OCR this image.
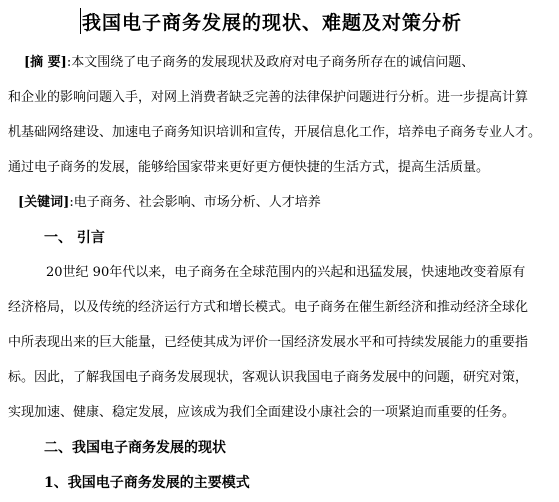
我国电子商务发展的现状、难题及对策分析
[摘 要]:本文围绕了电子商务的发展现状及政府对电子商务所存在的诚信问题、
和企业的影响问题入手，对网上消费者缺乏完善的法律保护问题进行分析。进一步提高计算
机基础网络建设、加速电子商务知识培训和宣传，开展信息化工作，培养电子商务专业人才。
通过电子商务的发展，能够给国家带来更好更方便快捷的生活方式，提高生活质量。
[关键词]:电子商务、社会影响、市场分析、人才培养
一、 引言
20世纪 90年代以来，电子商务在全球范围内的兴起和迅猛发展，快速地改变着原有
经济格局，以及传统的经济运行方式和增长模式。电子商务在催生新经济和推动经济全球化
中所表现出来的巨大能量，已经使其成为评价一国经济发展水平和可持续发展能力的重要指
标。因此，了解我国电子商务发展现状，客观认识我国电子商务发展中的问题，研究对策，
实现加速、健康、稳定发展，应该成为我们全面建设小康社会的一项紧迫而重要的任务。
二、我国电子商务发展的现状
1、我国电子商务发展的主要模式
